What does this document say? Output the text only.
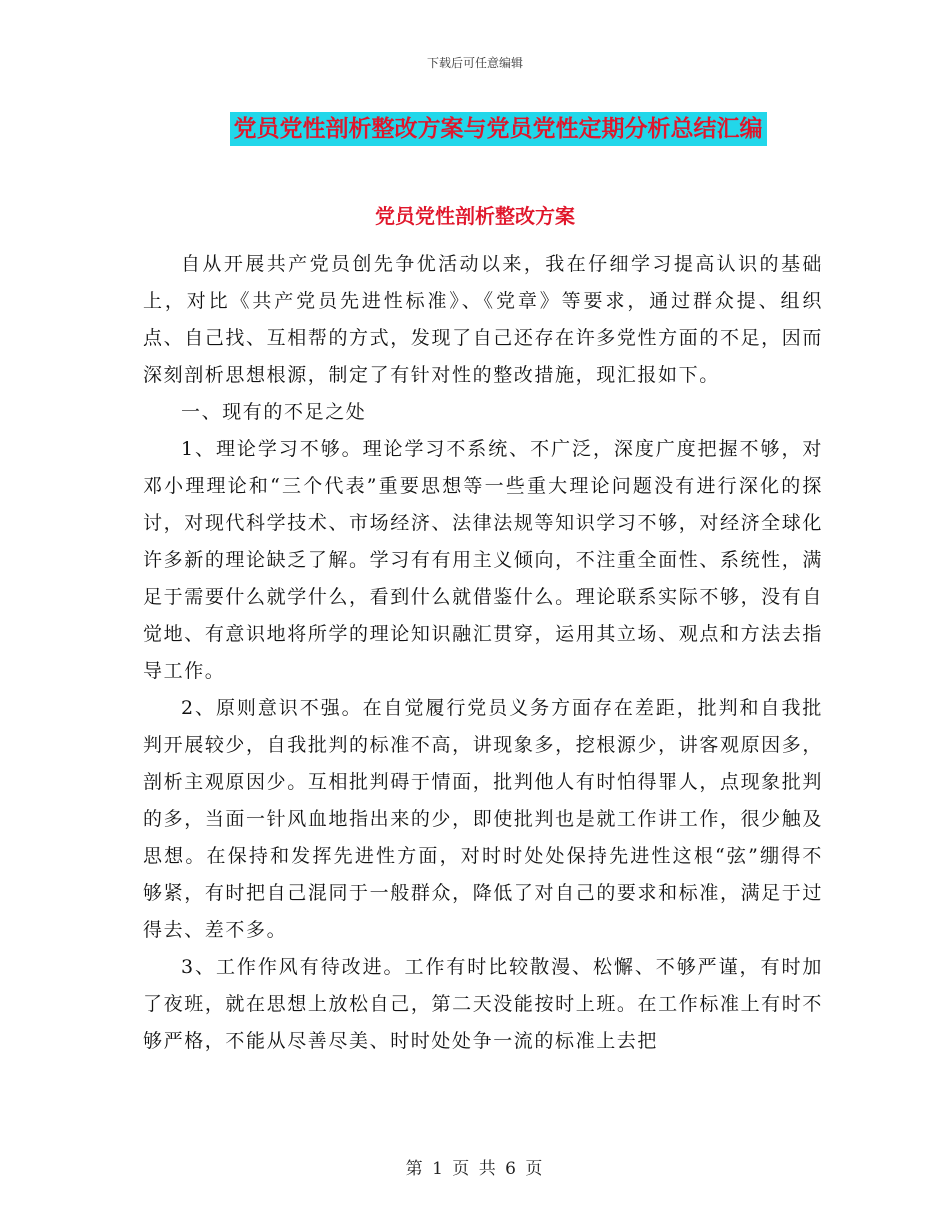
下载后可任意编辑
党员党性剖析整改方案与党员党性定期分析总结汇编
党员党性剖析整改方案

自从开展共产党员创先争优活动以来，我在仔细学习提高认识的基础上，对比《共产党员先进性标准》、《党章》等要求，通过群众提、组织点、自己找、互相帮的方式，发现了自己还存在许多党性方面的不足，因而深刻剖析思想根源，制定了有针对性的整改措施，现汇报如下。

一、现有的不足之处

1、理论学习不够。理论学习不系统、不广泛，深度广度把握不够，对邓小理理论和“三个代表”重要思想等一些重大理论问题没有进行深化的探讨，对现代科学技术、市场经济、法律法规等知识学习不够，对经济全球化许多新的理论缺乏了解。学习有有用主义倾向，不注重全面性、系统性，满足于需要什么就学什么，看到什么就借鉴什么。理论联系实际不够，没有自觉地、有意识地将所学的理论知识融汇贯穿，运用其立场、观点和方法去指导工作。

2、原则意识不强。在自觉履行党员义务方面存在差距，批判和自我批判开展较少，自我批判的标准不高，讲现象多，挖根源少，讲客观原因多，剖析主观原因少。互相批判碍于情面，批判他人有时怕得罪人，点现象批判的多，当面一针风血地指出来的少，即使批判也是就工作讲工作，很少触及思想。在保持和发挥先进性方面，对时时处处保持先进性这根“弦”绷得不够紧，有时把自己混同于一般群众，降低了对自己的要求和标准，满足于过得去、差不多。

3、工作作风有待改进。工作有时比较散漫、松懈、不够严谨，有时加了夜班，就在思想上放松自己，第二天没能按时上班。在工作标准上有时不够严格，不能从尽善尽美、时时处处争一流的标准上去把

第 1 页 共 6 页
